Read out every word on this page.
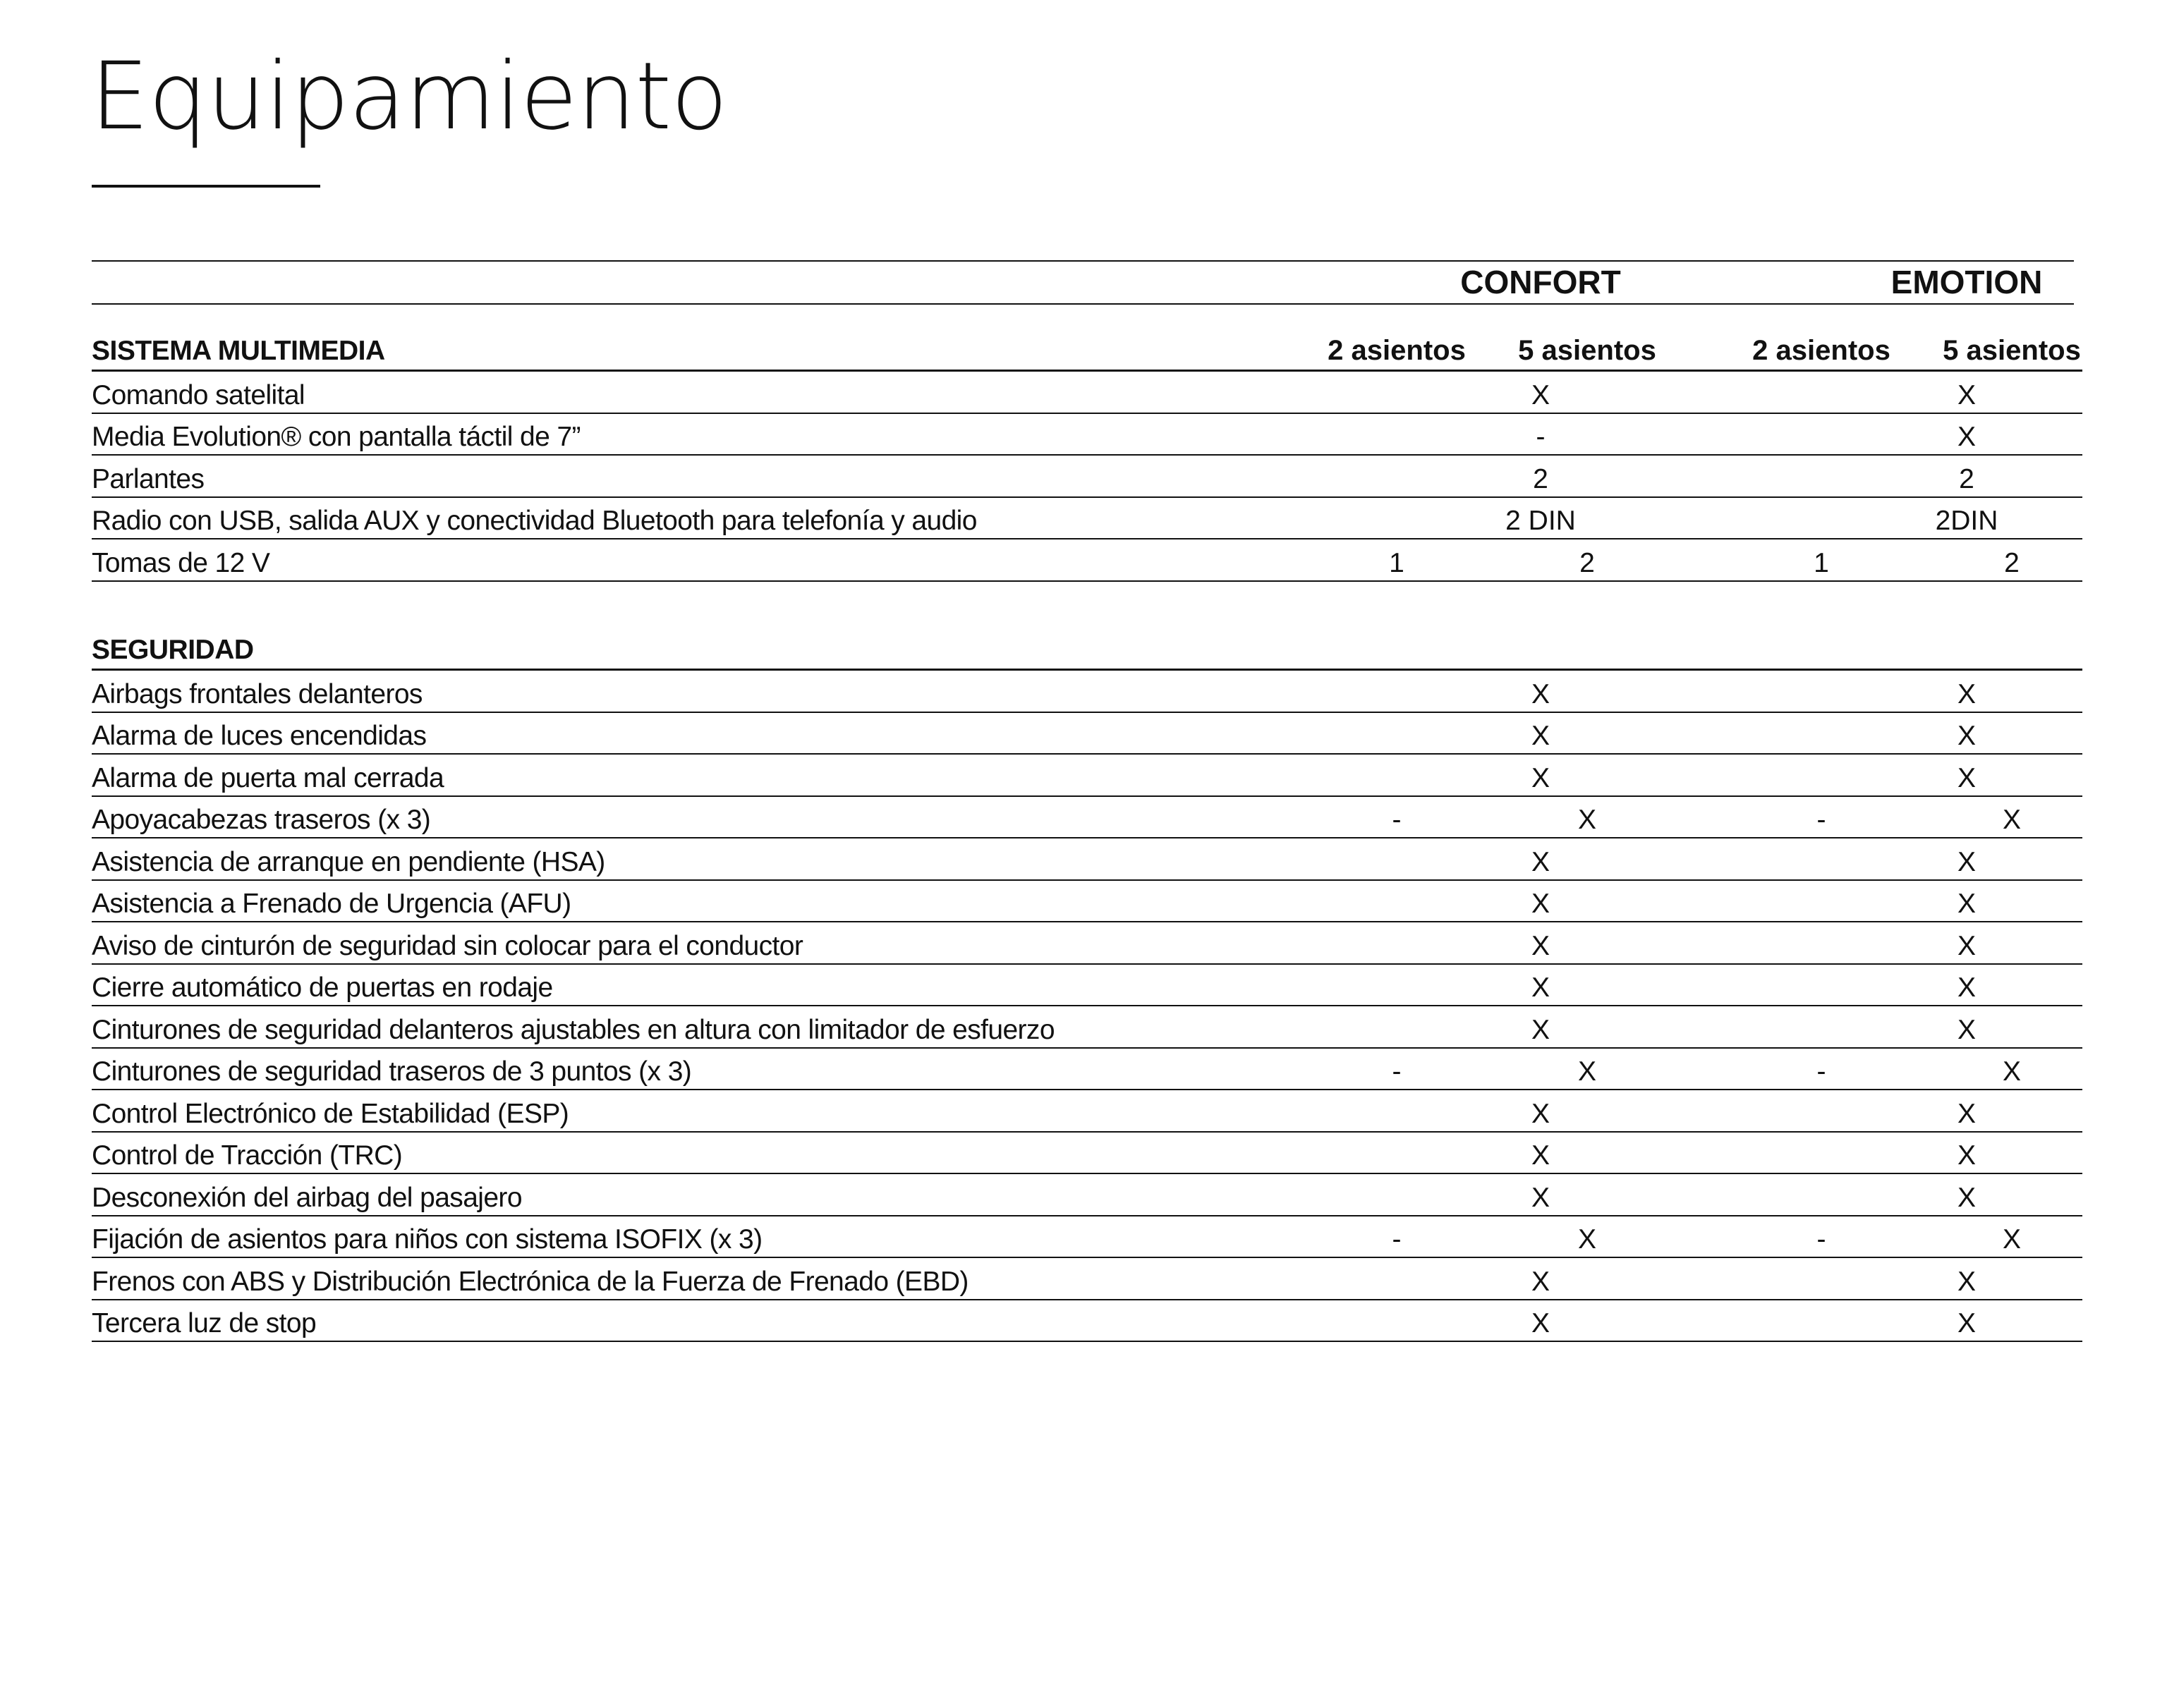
Equipamiento
CONFORT	EMOTION
SISTEMA MULTIMEDIA	2 asientos	5 asientos	2 asientos	5 asientos
Comando satelital	X	X
Media Evolution® con pantalla táctil de 7”	-	X
Parlantes	2	2
Radio con USB, salida AUX y conectividad Bluetooth para telefonía y audio	2 DIN	2DIN
Tomas de 12 V	1	2	1	2
SEGURIDAD
Airbags frontales delanteros	X	X
Alarma de luces encendidas	X	X
Alarma de puerta mal cerrada	X	X
Apoyacabezas traseros (x 3)	-	X	-	X
Asistencia de arranque en pendiente (HSA)	X	X
Asistencia a Frenado de Urgencia (AFU)	X	X
Aviso de cinturón de seguridad sin colocar para el conductor	X	X
Cierre automático de puertas en rodaje	X	X
Cinturones de seguridad delanteros ajustables en altura con limitador de esfuerzo	X	X
Cinturones de seguridad traseros de 3 puntos (x 3)	-	X	-	X
Control Electrónico de Estabilidad (ESP)	X	X
Control de Tracción (TRC)	X	X
Desconexión del airbag del pasajero	X	X
Fijación de asientos para niños con sistema ISOFIX (x 3)	-	X	-	X
Frenos con ABS y Distribución Electrónica de la Fuerza de Frenado (EBD)	X	X
Tercera luz de stop	X	X
